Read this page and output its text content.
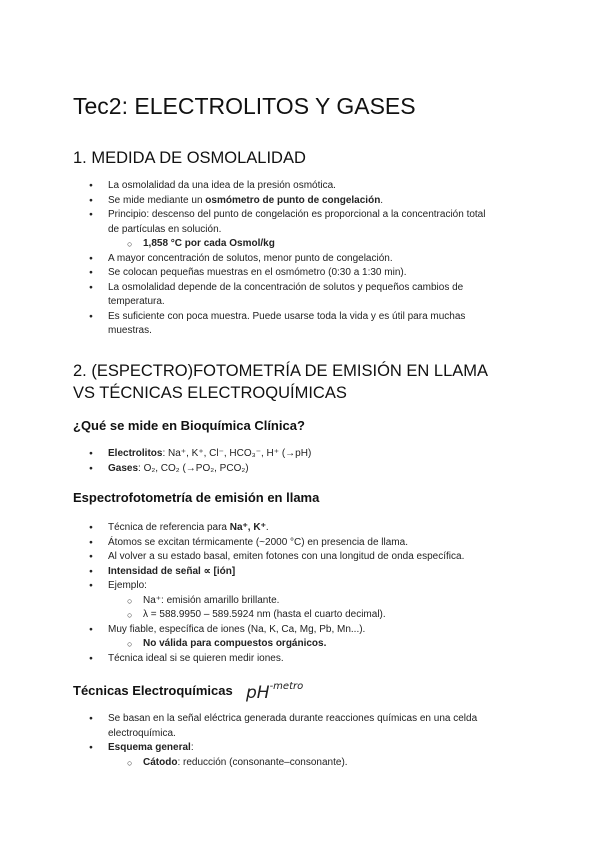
Tec2: ELECTROLITOS Y GASES
1. MEDIDA DE OSMOLALIDAD
● La osmolalidad da una idea de la presión osmótica.
● Se mide mediante un osmómetro de punto de congelación.
● Principio: descenso del punto de congelación es proporcional a la concentración total
de partículas en solución.
○ 1,858 °C por cada Osmol/kg
● A mayor concentración de solutos, menor punto de congelación.
● Se colocan pequeñas muestras en el osmómetro (0:30 a 1:30 min).
● La osmolalidad depende de la concentración de solutos y pequeños cambios de
temperatura.
● Es suficiente con poca muestra. Puede usarse toda la vida y es útil para muchas
muestras.
2. (ESPECTRO)FOTOMETRÍA DE EMISIÓN EN LLAMA
VS TÉCNICAS ELECTROQUÍMICAS
¿Qué se mide en Bioquímica Clínica?
● Electrolitos: Na⁺, K⁺, Cl⁻, HCO₃⁻, H⁺ (→pH)
● Gases: O₂, CO₂ (→PO₂, PCO₂)
Espectrofotometría de emisión en llama
● Técnica de referencia para Na⁺, K⁺.
● Átomos se excitan térmicamente (~2000 °C) en presencia de llama.
● Al volver a su estado basal, emiten fotones con una longitud de onda específica.
● Intensidad de señal ∝ [ión]
● Ejemplo:
○ Na⁺: emisión amarillo brillante.
○ λ = 588.9950 – 589.5924 nm (hasta el cuarto decimal).
● Muy fiable, específica de iones (Na, K, Ca, Mg, Pb, Mn...).
○ No válida para compuestos orgánicos.
● Técnica ideal si se quieren medir iones.
Técnicas Electroquímicas $pH^{-metro}$
● Se basan en la señal eléctrica generada durante reacciones químicas en una celda
electroquímica.
● Esquema general:
○ Cátodo: reducción (consonante–consonante).
